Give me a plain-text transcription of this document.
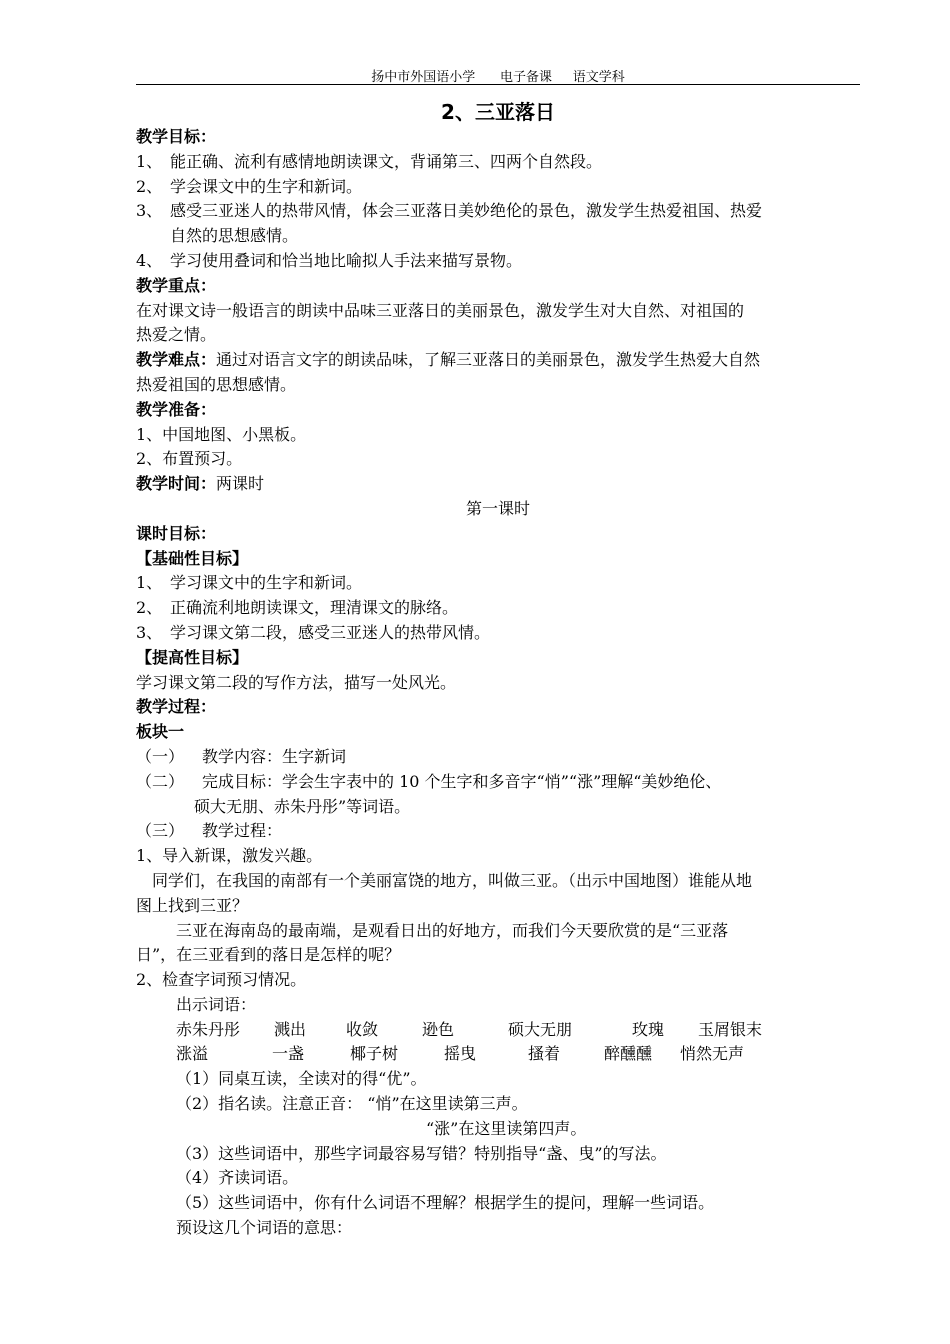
扬中市外国语小学      电子备课     语文学科
2、三亚落日
教学目标：
1、 能正确、流利有感情地朗读课文，背诵第三、四两个自然段。
2、 学会课文中的生字和新词。
3、 感受三亚迷人的热带风情，体会三亚落日美妙绝伦的景色，激发学生热爱祖国、热爱
自然的思想感情。
4、 学习使用叠词和恰当地比喻拟人手法来描写景物。
教学重点：
在对课文诗一般语言的朗读中品味三亚落日的美丽景色，激发学生对大自然、对祖国的
热爱之情。
教学难点：通过对语言文字的朗读品味，了解三亚落日的美丽景色，激发学生热爱大自然
热爱祖国的思想感情。
教学准备：
1、中国地图、小黑板。
2、布置预习。
教学时间：两课时
第一课时
课时目标：
【基础性目标】
1、 学习课文中的生字和新词。
2、 正确流利地朗读课文，理清课文的脉络。
3、 学习课文第二段，感受三亚迷人的热带风情。
【提高性目标】
学习课文第二段的写作方法，描写一处风光。
教学过程：
板块一
（一） 教学内容：生字新词
（二） 完成目标：学会生字表中的 10 个生字和多音字“悄”“涨”理解“美妙绝伦、
硕大无朋、赤朱丹彤”等词语。
（三） 教学过程：
1、导入新课，激发兴趣。
同学们，在我国的南部有一个美丽富饶的地方，叫做三亚。（出示中国地图）谁能从地
图上找到三亚？
三亚在海南岛的最南端，是观看日出的好地方，而我们今天要欣赏的是“三亚落
日”，在三亚看到的落日是怎样的呢？
2、检查字词预习情况。
出示词语：
赤朱丹彤	溅出	收敛	逊色	硕大无朋	玫瑰	玉屑银末
涨溢	一盏	椰子树	摇曳	搔着	醉醺醺	悄然无声
（1）同桌互读，全读对的得“优”。
（2）指名读。注意正音： “悄”在这里读第三声。
“涨”在这里读第四声。
（3）这些词语中，那些字词最容易写错？特别指导“盏、曳”的写法。
（4）齐读词语。
（5）这些词语中，你有什么词语不理解？根据学生的提问，理解一些词语。
预设这几个词语的意思：
